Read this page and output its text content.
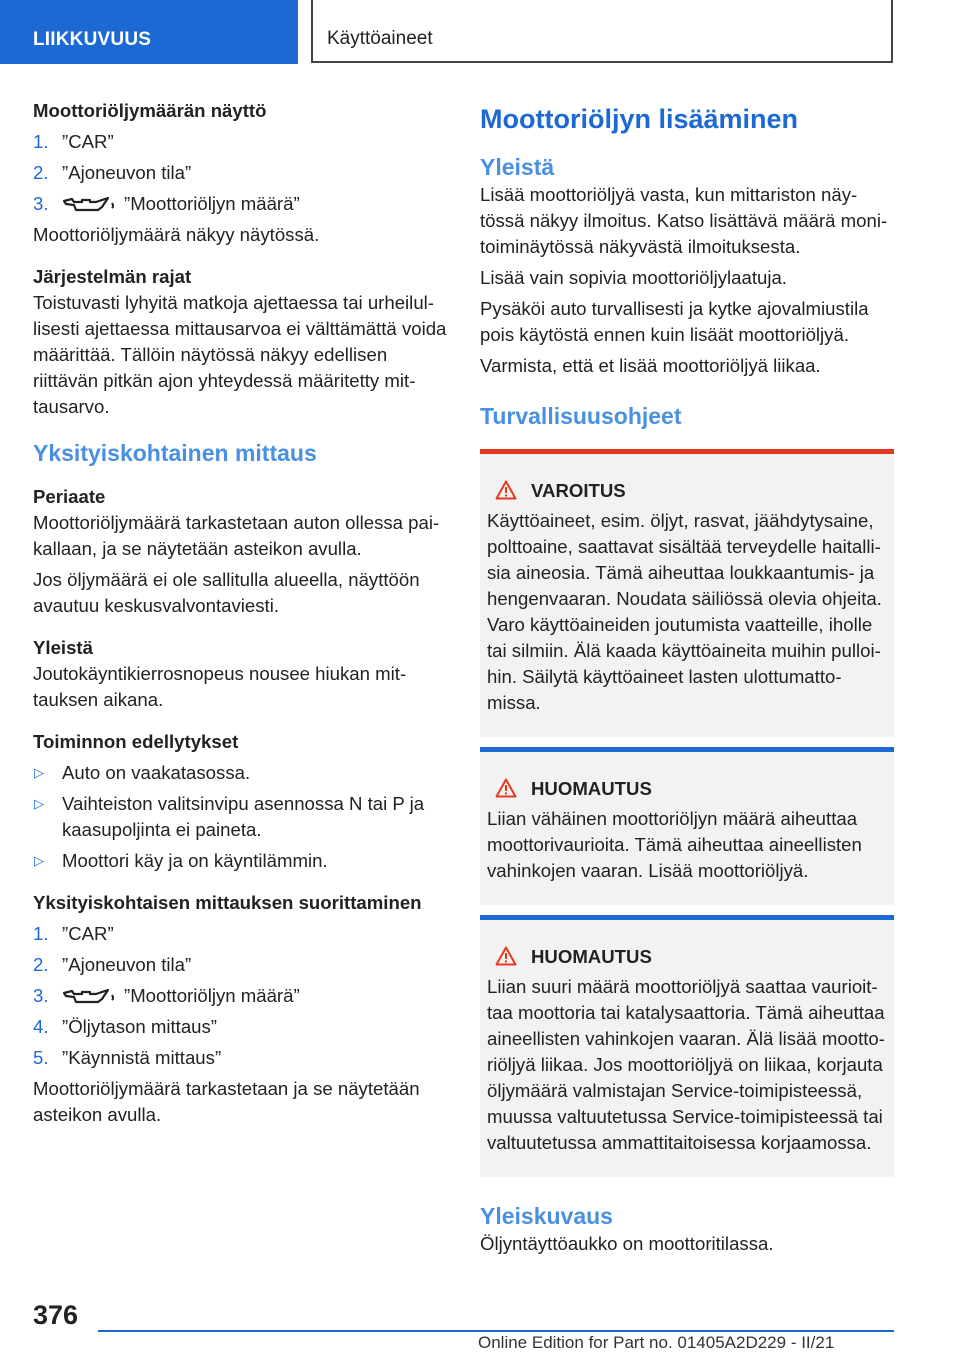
LIIKKUVUUS	Käyttöaineet

Moottoriöljymäärän näyttö

1. ”CAR”
2. ”Ajoneuvon tila”
3.	”Moottoriöljyn määrä”

Moottoriöljymäärä näkyy näytössä.

Järjestelmän rajat

Toistuvasti lyhyitä matkoja ajettaessa tai urheilullisesti ajettaessa mittausarvoa ei välttämättä voida määrittää. Tällöin näytössä näkyy edellisen riittävän pitkän ajon yhteydessä määritetty mittausarvo.

Yksityiskohtainen mittaus

Periaate

Moottoriöljymäärä tarkastetaan auton ollessa paikallaan, ja se näytetään asteikon avulla.

Jos öljymäärä ei ole sallitulla alueella, näyttöön avautuu keskusvalvontaviesti.

Yleistä

Joutokäyntikierrosnopeus nousee hiukan mittauksen aikana.

Toiminnon edellytykset

▷ Auto on vaakatasossa.
▷ Vaihteiston valitsinvipu asennossa N tai P ja kaasupoljinta ei paineta.
▷ Moottori käy ja on käyntilämmin.

Yksityiskohtaisen mittauksen suorittaminen

1. ”CAR”
2. ”Ajoneuvon tila”
3.	”Moottoriöljyn määrä”
4. ”Öljytason mittaus”
5. ”Käynnistä mittaus”

Moottoriöljymäärä tarkastetaan ja se näytetään asteikon avulla.

Moottoriöljyn lisääminen

Yleistä

Lisää moottoriöljyä vasta, kun mittariston näytössä näkyy ilmoitus. Katso lisättävä määrä monitoiminäytössä näkyvästä ilmoituksesta.

Lisää vain sopivia moottoriöljylaatuja.

Pysäköi auto turvallisesti ja kytke ajovalmiustila pois käytöstä ennen kuin lisäät moottoriöljyä.

Varmista, että et lisää moottoriöljyä liikaa.

Turvallisuusohjeet

VAROITUS

Käyttöaineet, esim. öljyt, rasvat, jäähdytysaine, polttoaine, saattavat sisältää terveydelle haitallisia aineosia. Tämä aiheuttaa loukkaantumis- ja hengenvaaran. Noudata säiliössä olevia ohjeita. Varo käyttöaineiden joutumista vaatteille, iholle tai silmiin. Älä kaada käyttöaineita muihin pulloihin. Säilytä käyttöaineet lasten ulottumattomissa.

HUOMAUTUS

Liian vähäinen moottoriöljyn määrä aiheuttaa moottorivaurioita. Tämä aiheuttaa aineellisten vahinkojen vaaran. Lisää moottoriöljyä.

HUOMAUTUS

Liian suuri määrä moottoriöljyä saattaa vaurioittaa moottoria tai katalysaattoria. Tämä aiheuttaa aineellisten vahinkojen vaaran. Älä lisää moottoriöljyä liikaa. Jos moottoriöljyä on liikaa, korjauta öljymäärä valmistajan Service-toimipisteessä, muussa valtuutetussa Service-toimipisteessä tai valtuutetussa ammattitaitoisessa korjaamossa.

Yleiskuvaus

Öljyntäyttöaukko on moottoritilassa.

376
Online Edition for Part no. 01405A2D229 - II/21
